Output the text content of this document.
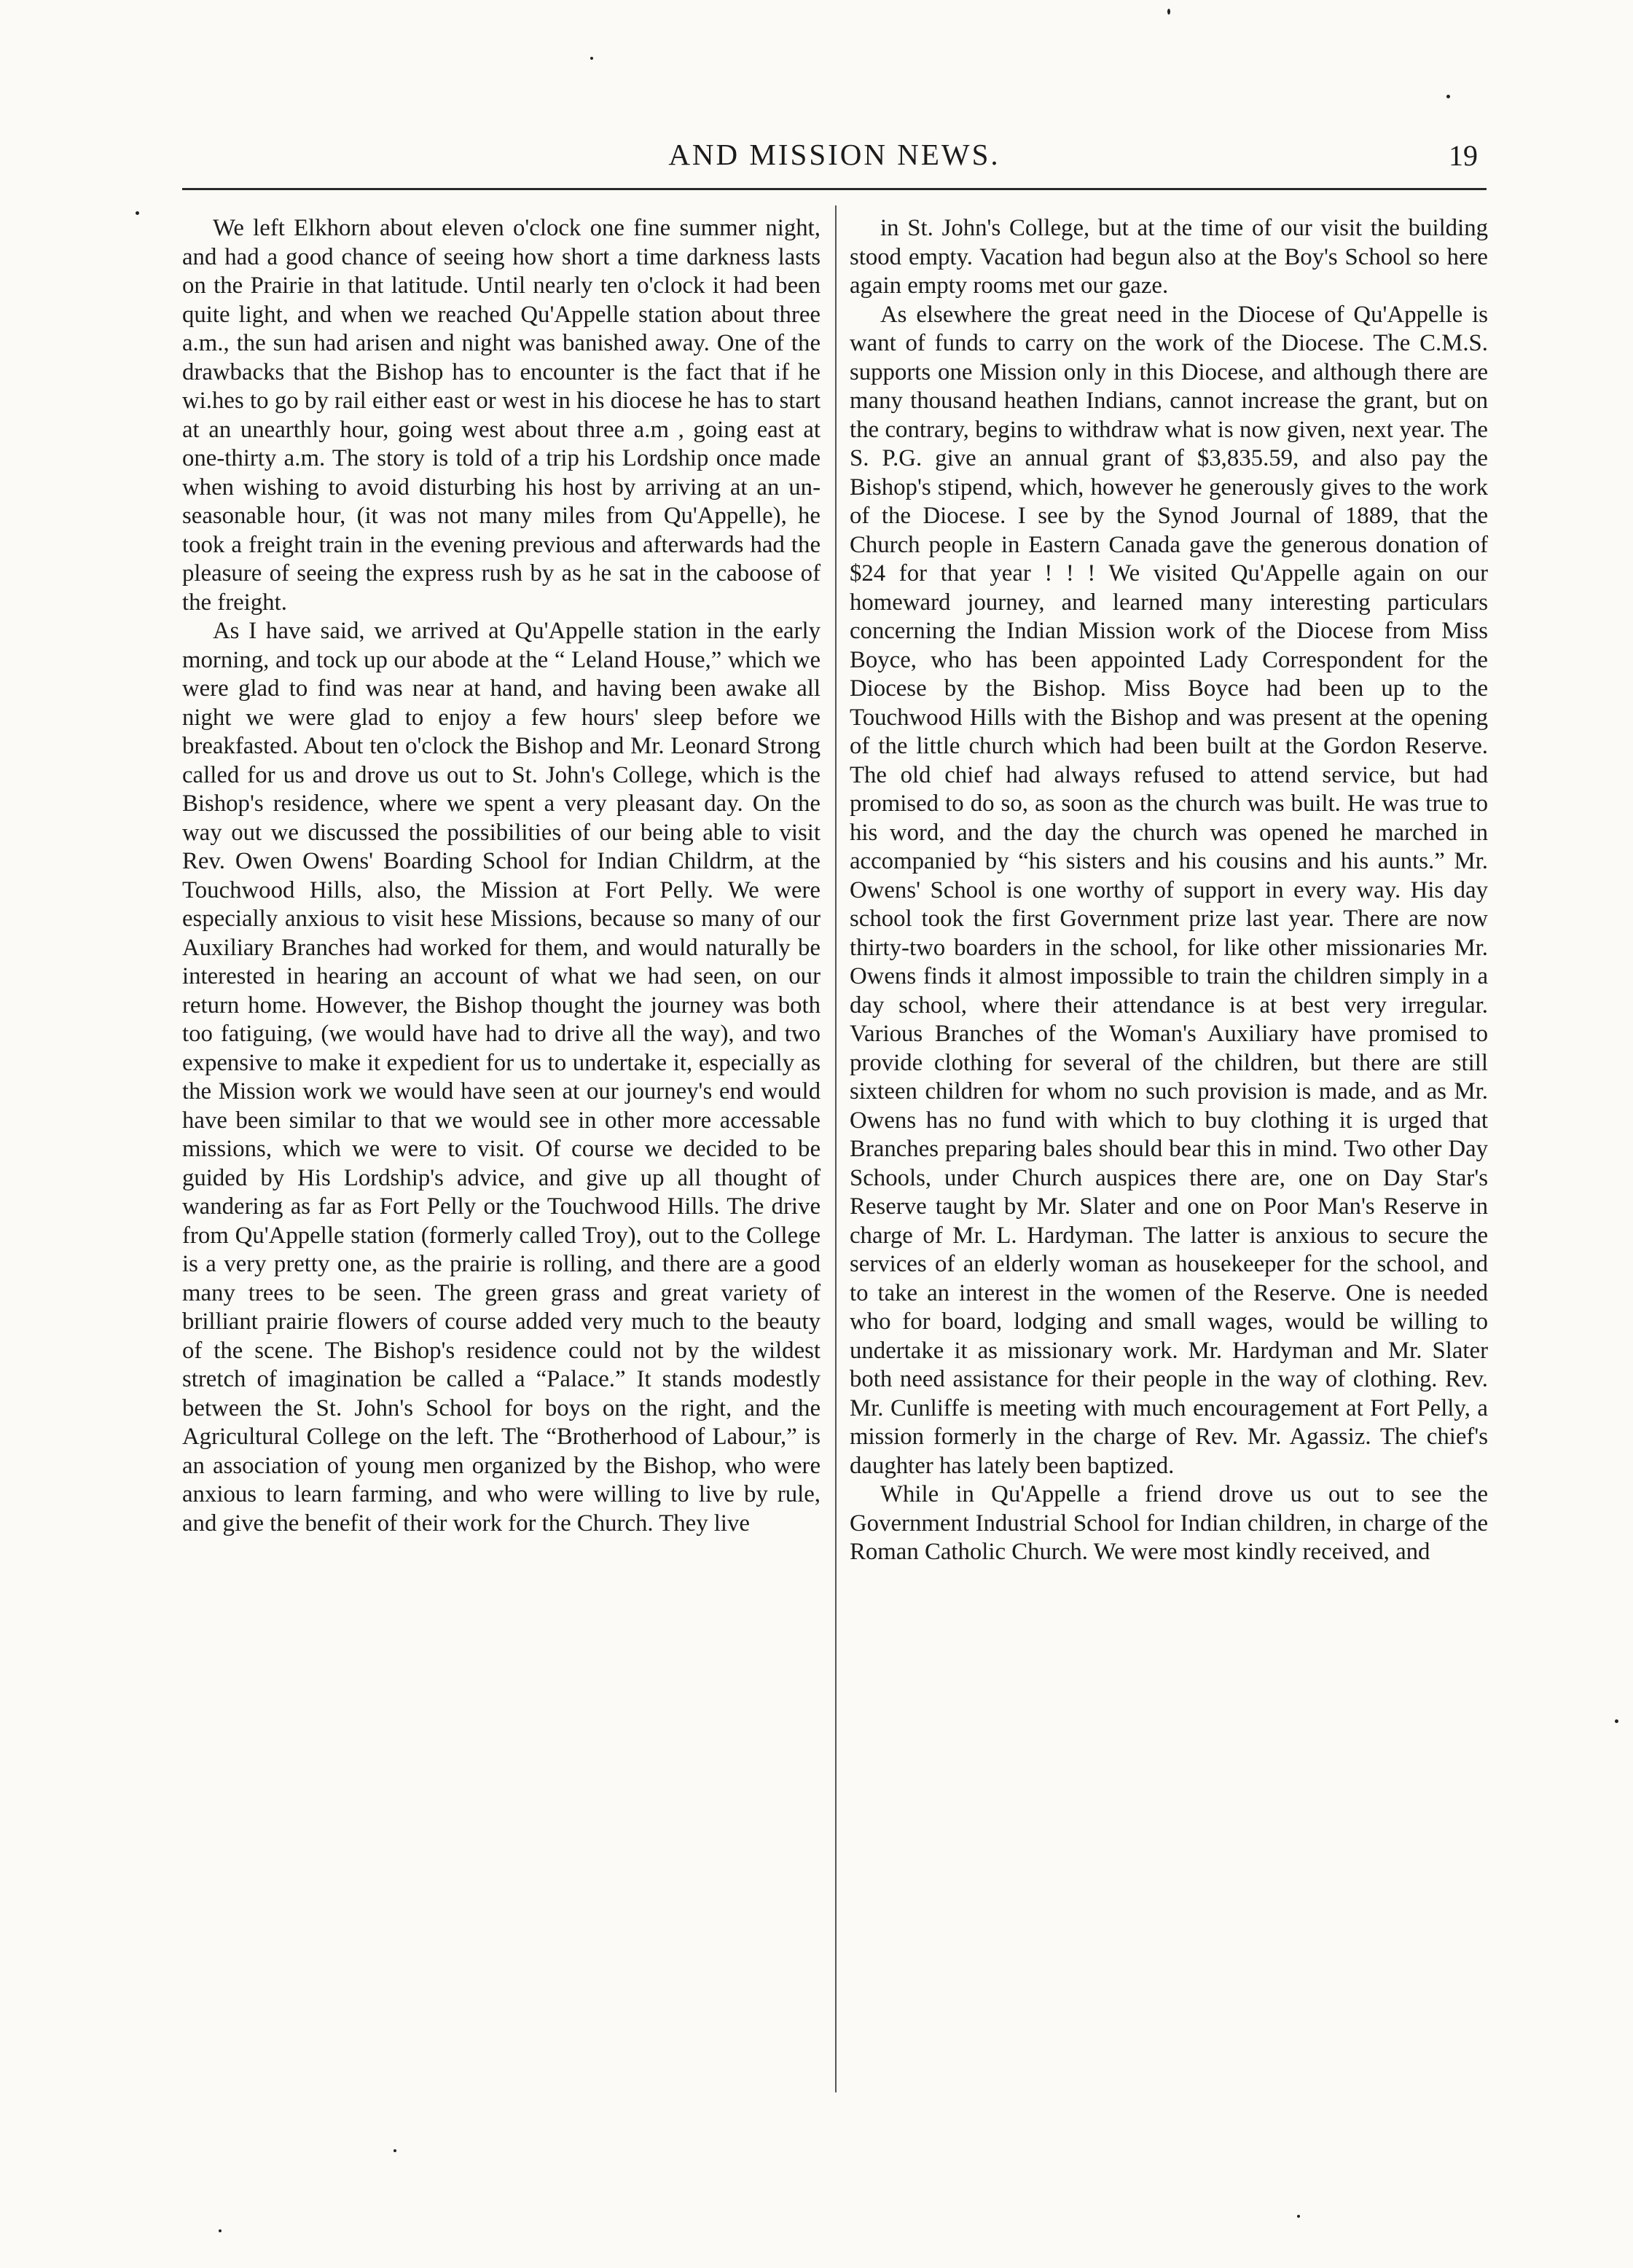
AND MISSION NEWS.	19

We left Elkhorn about eleven o'clock one fine summer night, and had a good chance of seeing how short a time darkness lasts on the Prairie in that latitude. Until nearly ten o'clock it had been quite light, and when we reached Qu'Appelle station about three a.m., the sun had arisen and night was banished away. One of the drawbacks that the Bishop has to encounter is the fact that if he wi.hes to go by rail either east or west in his diocese he has to start at an unearthly hour, going west about three a.m , going east at one-thirty a.m. The story is told of a trip his Lordship once made when wishing to avoid disturbing his host by arriving at an unseasonable hour, (it was not many miles from Qu'Appelle), he took a freight train in the evening previous and afterwards had the pleasure of seeing the express rush by as he sat in the caboose of the freight.

As I have said, we arrived at Qu'Appelle station in the early morning, and tock up our abode at the “ Leland House,” which we were glad to find was near at hand, and having been awake all night we were glad to enjoy a few hours' sleep before we breakfasted. About ten o'clock the Bishop and Mr. Leonard Strong called for us and drove us out to St. John's College, which is the Bishop's residence, where we spent a very pleasant day. On the way out we discussed the possibilities of our being able to visit Rev. Owen Owens' Boarding School for Indian Childrm, at the Touchwood Hills, also, the Mission at Fort Pelly. We were especially anxious to visit hese Missions, because so many of our Auxiliary Branches had worked for them, and would naturally be interested in hearing an account of what we had seen, on our return home. However, the Bishop thought the journey was both too fatiguing, (we would have had to drive all the way), and two expensive to make it expedient for us to undertake it, especially as the Mission work we would have seen at our journey's end would have been similar to that we would see in other more accessable missions, which we were to visit. Of course we decided to be guided by His Lordship's advice, and give up all thought of wandering as far as Fort Pelly or the Touchwood Hills. The drive from Qu'Appelle station (formerly called Troy), out to the College is a very pretty one, as the prairie is rolling, and there are a good many trees to be seen. The green grass and great variety of brilliant prairie flowers of course added very much to the beauty of the scene. The Bishop's residence could not by the wildest stretch of imagination be called a “Palace.” It stands modestly between the St. John's School for boys on the right, and the Agricultural College on the left. The “Brotherhood of Labour,” is an association of young men organized by the Bishop, who were anxious to learn farming, and who were willing to live by rule, and give the benefit of their work for the Church. They live

in St. John's College, but at the time of our visit the building stood empty. Vacation had begun also at the Boy's School so here again empty rooms met our gaze.

As elsewhere the great need in the Diocese of Qu'Appelle is want of funds to carry on the work of the Diocese. The C.M.S. supports one Mission only in this Diocese, and although there are many thousand heathen Indians, cannot increase the grant, but on the contrary, begins to withdraw what is now given, next year. The S. P.G. give an annual grant of $3,835.59, and also pay the Bishop's stipend, which, however he generously gives to the work of the Diocese. I see by the Synod Journal of 1889, that the Church people in Eastern Canada gave the generous donation of $24 for that year ! ! ! We visited Qu'Appelle again on our homeward journey, and learned many interesting particulars concerning the Indian Mission work of the Diocese from Miss Boyce, who has been appointed Lady Correspondent for the Diocese by the Bishop. Miss Boyce had been up to the Touchwood Hills with the Bishop and was present at the opening of the little church which had been built at the Gordon Reserve. The old chief had always refused to attend service, but had promised to do so, as soon as the church was built. He was true to his word, and the day the church was opened he marched in accompanied by “his sisters and his cousins and his aunts.” Mr. Owens' School is one worthy of support in every way. His day school took the first Government prize last year. There are now thirty-two boarders in the school, for like other missionaries Mr. Owens finds it almost impossible to train the children simply in a day school, where their attendance is at best very irregular. Various Branches of the Woman's Auxiliary have promised to provide clothing for several of the children, but there are still sixteen children for whom no such provision is made, and as Mr. Owens has no fund with which to buy clothing it is urged that Branches preparing bales should bear this in mind. Two other Day Schools, under Church auspices there are, one on Day Star's Reserve taught by Mr. Slater and one on Poor Man's Reserve in charge of Mr. L. Hardyman. The latter is anxious to secure the services of an elderly woman as housekeeper for the school, and to take an interest in the women of the Reserve. One is needed who for board, lodging and small wages, would be willing to undertake it as missionary work. Mr. Hardyman and Mr. Slater both need assistance for their people in the way of clothing. Rev. Mr. Cunliffe is meeting with much encouragement at Fort Pelly, a mission formerly in the charge of Rev. Mr. Agassiz. The chief's daughter has lately been baptized.

While in Qu'Appelle a friend drove us out to see the Government Industrial School for Indian children, in charge of the Roman Catholic Church. We were most kindly received, and
